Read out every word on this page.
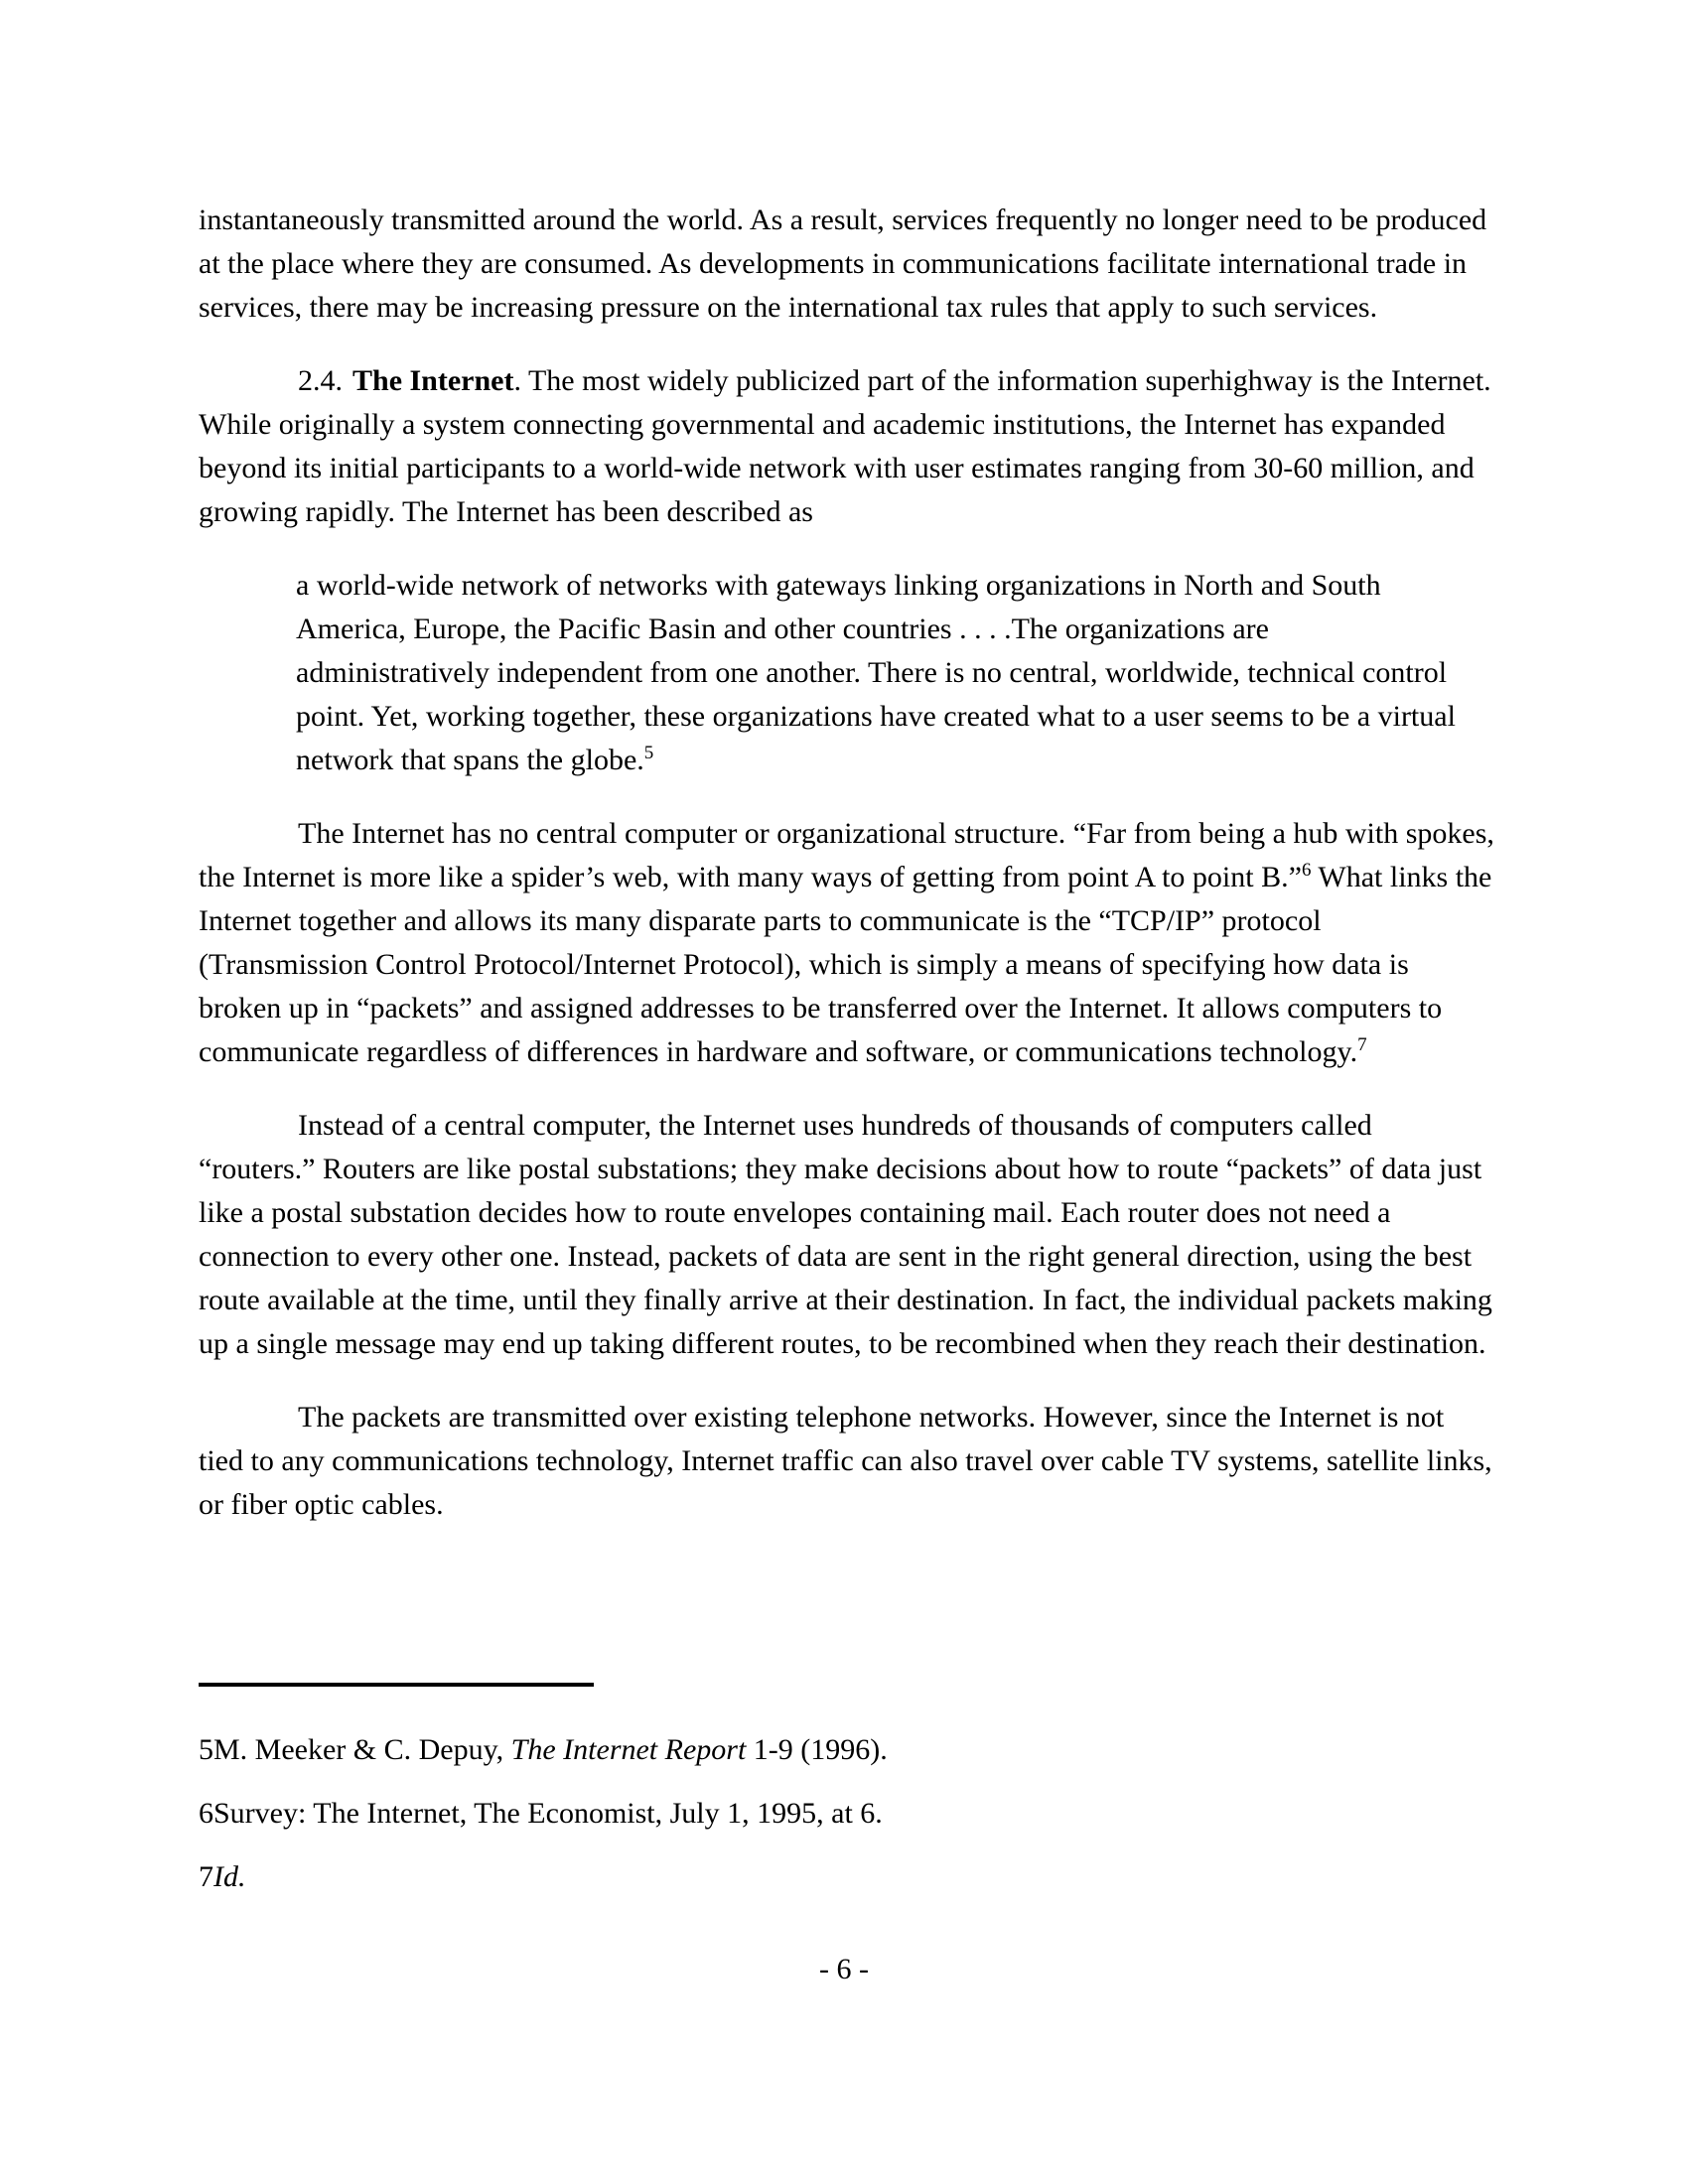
instantaneously transmitted around the world. As a result, services frequently no longer need to be produced at the place where they are consumed. As developments in communications facilitate international trade in services, there may be increasing pressure on the international tax rules that apply to such services.

2.4. The Internet. The most widely publicized part of the information superhighway is the Internet. While originally a system connecting governmental and academic institutions, the Internet has expanded beyond its initial participants to a world-wide network with user estimates ranging from 30-60 million, and growing rapidly. The Internet has been described as

a world-wide network of networks with gateways linking organizations in North and South America, Europe, the Pacific Basin and other countries . . . .The organizations are administratively independent from one another. There is no central, worldwide, technical control point. Yet, working together, these organizations have created what to a user seems to be a virtual network that spans the globe.$^5$

The Internet has no central computer or organizational structure. “Far from being a hub with spokes, the Internet is more like a spider’s web, with many ways of getting from point A to point B.”$^6$ What links the Internet together and allows its many disparate parts to communicate is the “TCP/IP” protocol (Transmission Control Protocol/Internet Protocol), which is simply a means of specifying how data is broken up in “packets” and assigned addresses to be transferred over the Internet. It allows computers to communicate regardless of differences in hardware and software, or communications technology.$^7$

Instead of a central computer, the Internet uses hundreds of thousands of computers called “routers.” Routers are like postal substations; they make decisions about how to route “packets” of data just like a postal substation decides how to route envelopes containing mail. Each router does not need a connection to every other one. Instead, packets of data are sent in the right general direction, using the best route available at the time, until they finally arrive at their destination. In fact, the individual packets making up a single message may end up taking different routes, to be recombined when they reach their destination.

The packets are transmitted over existing telephone networks. However, since the Internet is not tied to any communications technology, Internet traffic can also travel over cable TV systems, satellite links, or fiber optic cables.

5M. Meeker & C. Depuy, The Internet Report 1-9 (1996).

6Survey: The Internet, The Economist, July 1, 1995, at 6.

7Id.

- 6 -
